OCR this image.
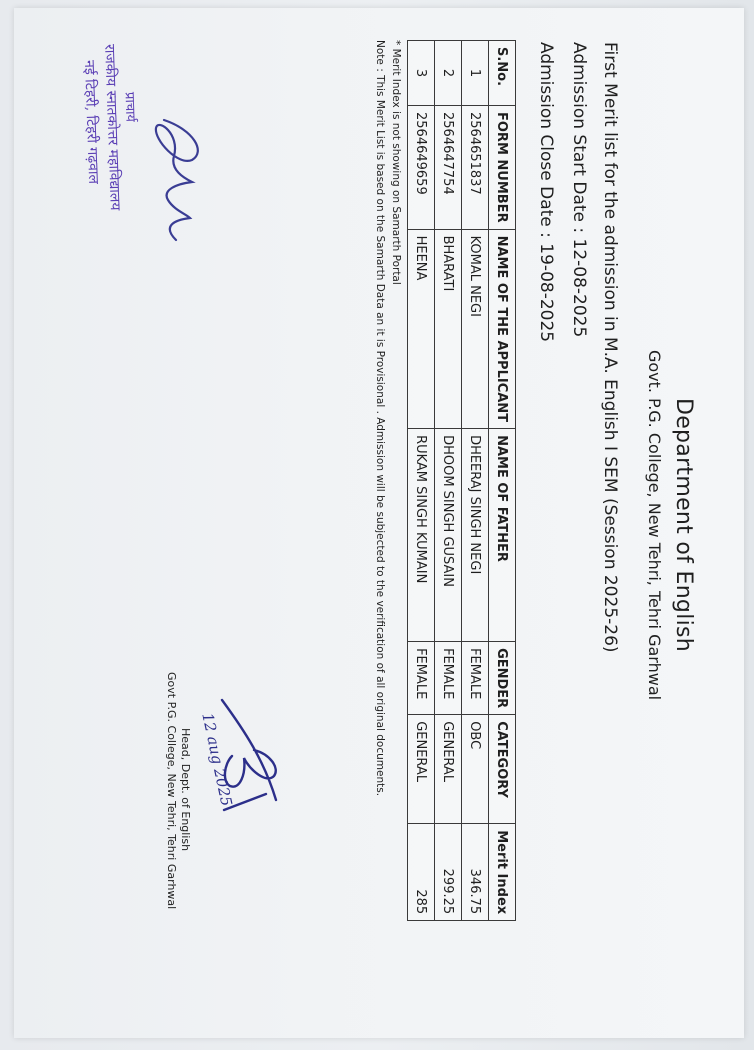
Department of English
Govt. P.G. College, New Tehri, Tehri Garhwal
First Merit list for the admission in M.A. English I SEM (Session 2025-26)
Admission Start Date : 12-08-2025
Admission Close Date : 19-08-2025
S.No.	FORM NUMBER	NAME OF THE APPLICANT	NAME OF FATHER	GENDER	CATEGORY	Merit Index
1	2564651837	KOMAL NEGI	DHEERAJ SINGH NEGI	FEMALE	OBC	346.75
2	2564647754	BHARATI	DHOOM SINGH GUSAIN	FEMALE	GENERAL	299.25
3	2564649659	HEENA	RUKAM SINGH KUMAIN	FEMALE	GENERAL	285
* Merit Index is not showing on Samarth Portal
Note : This Merit List is based on the Samarth Data an it is Provisional . Admission will be subjected to the verification of all original documents.
12 aug 2025
Head, Dept. of English
Govt P.G. College, New Tehri, Tehri Garhwal
प्राचार्य
राजकीय स्नातकोत्तर महाविद्यालय
नई टिहरी, टिहरी गढ़वाल
